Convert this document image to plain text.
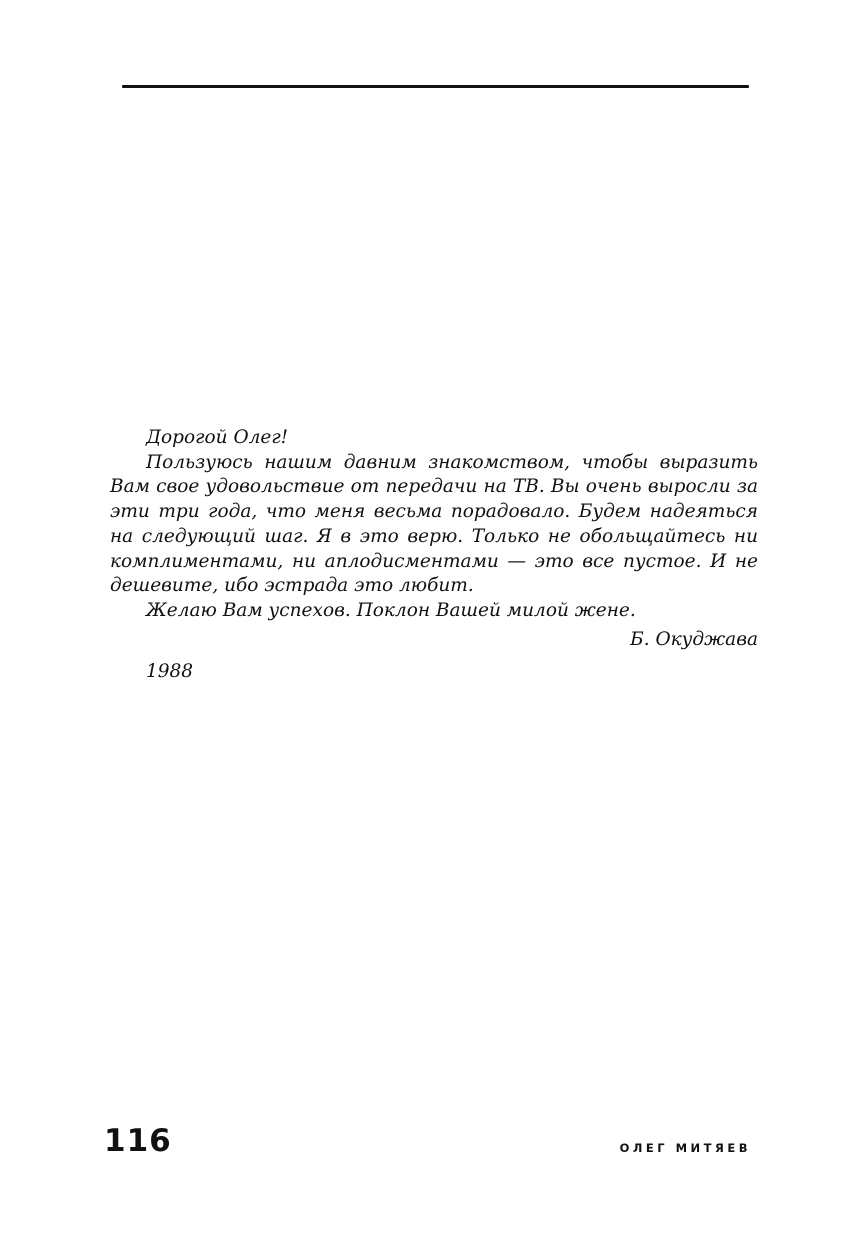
Дорогой Олег!

Пользуюсь нашим давним знакомством, чтобы выразить Вам свое удовольствие от передачи на ТВ. Вы очень выросли за эти три года, что меня весьма порадовало. Будем надеяться на следующий шаг. Я в это верю. Только не обольщайтесь ни комплиментами, ни аплодисментами — это все пустое. И не дешевите, ибо эстрада это любит.

Желаю Вам успехов. Поклон Вашей милой жене.

Б. Окуджава

1988
116	ОЛЕГ МИТЯЕВ
